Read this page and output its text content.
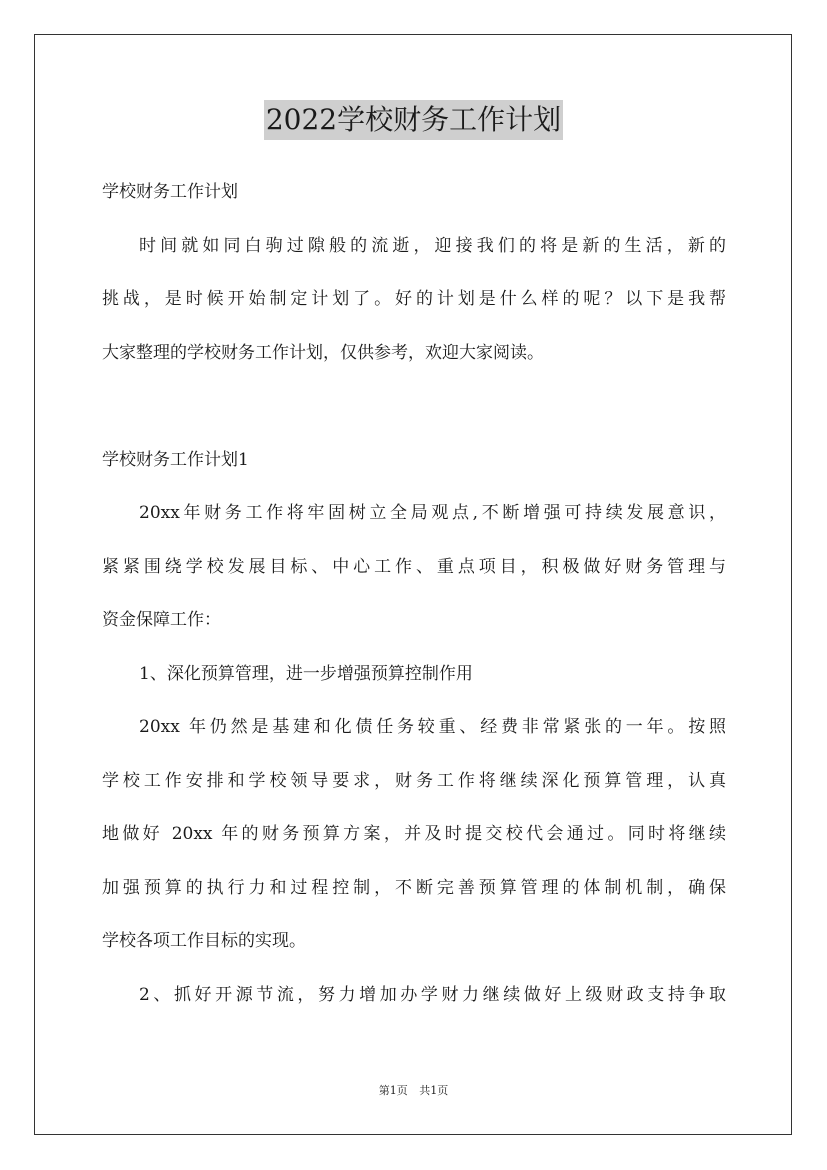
2022学校财务工作计划
学校财务工作计划
时间就如同白驹过隙般的流逝，迎接我们的将是新的生活，新的
挑战，是时候开始制定计划了。好的计划是什么样的呢？以下是我帮
大家整理的学校财务工作计划，仅供参考，欢迎大家阅读。
学校财务工作计划1
20xx年财务工作将牢固树立全局观点,不断增强可持续发展意识，
紧紧围绕学校发展目标、中心工作、重点项目，积极做好财务管理与
资金保障工作：
1、深化预算管理，进一步增强预算控制作用
20xx 年仍然是基建和化债任务较重、经费非常紧张的一年。按照
学校工作安排和学校领导要求，财务工作将继续深化预算管理，认真
地做好 20xx 年的财务预算方案，并及时提交校代会通过。同时将继续
加强预算的执行力和过程控制，不断完善预算管理的体制机制，确保
学校各项工作目标的实现。
2、抓好开源节流，努力增加办学财力继续做好上级财政支持争取
第1页 共1页
